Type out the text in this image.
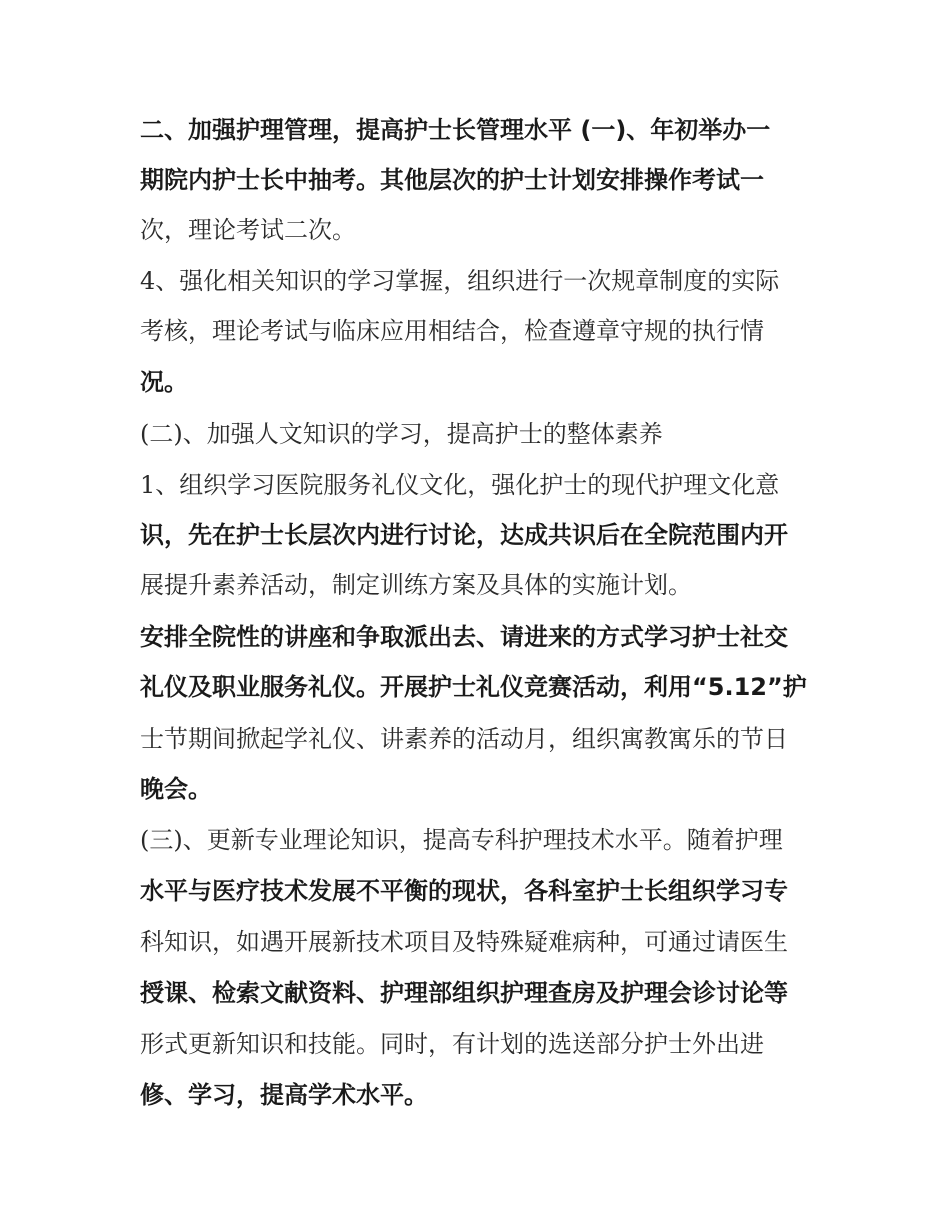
二、加强护理管理，提高护士长管理水平 (一)、年初举办一
期院内护士长中抽考。其他层次的护士计划安排操作考试一
次，理论考试二次。
4、强化相关知识的学习掌握，组织进行一次规章制度的实际
考核，理论考试与临床应用相结合，检查遵章守规的执行情
况。
(二)、加强人文知识的学习，提高护士的整体素养
1、组织学习医院服务礼仪文化，强化护士的现代护理文化意
识，先在护士长层次内进行讨论，达成共识后在全院范围内开
展提升素养活动，制定训练方案及具体的实施计划。
安排全院性的讲座和争取派出去、请进来的方式学习护士社交
礼仪及职业服务礼仪。开展护士礼仪竞赛活动，利用“5.12”护
士节期间掀起学礼仪、讲素养的活动月，组织寓教寓乐的节日
晚会。
(三)、更新专业理论知识，提高专科护理技术水平。随着护理
水平与医疗技术发展不平衡的现状，各科室护士长组织学习专
科知识，如遇开展新技术项目及特殊疑难病种，可通过请医生
授课、检索文献资料、护理部组织护理查房及护理会诊讨论等
形式更新知识和技能。同时，有计划的选送部分护士外出进
修、学习，提高学术水平。
